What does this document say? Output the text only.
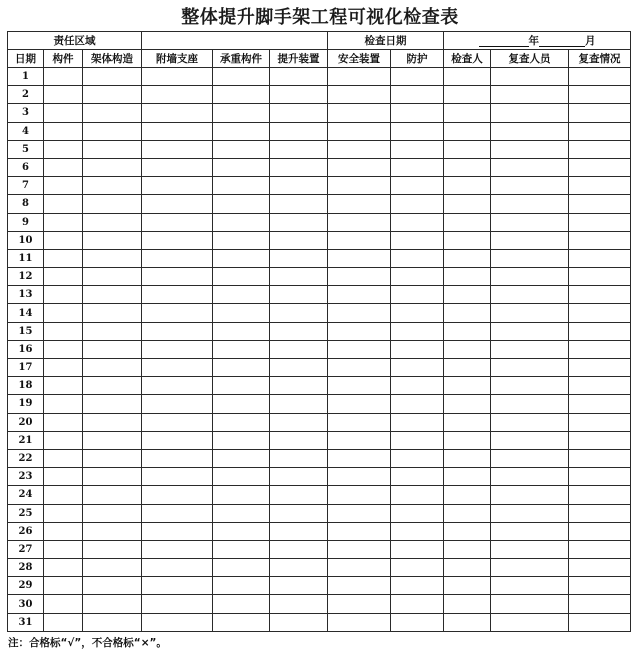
整体提升脚手架工程可视化检查表
责任区域						检查日期		年 月		
日期	构件	架体构造	附墙支座	承重构件	提升装置	安全装置	防护	检查人	复查人员	复查情况
1										
2										
3										
4										
5										
6										
7										
8										
9										
10										
11										
12										
13										
14										
15										
16										
17										
18										
19										
20										
21										
22										
23										
24										
25										
26										
27										
28										
29										
30										
31										
注：合格标“√”，不合格标“×”。
